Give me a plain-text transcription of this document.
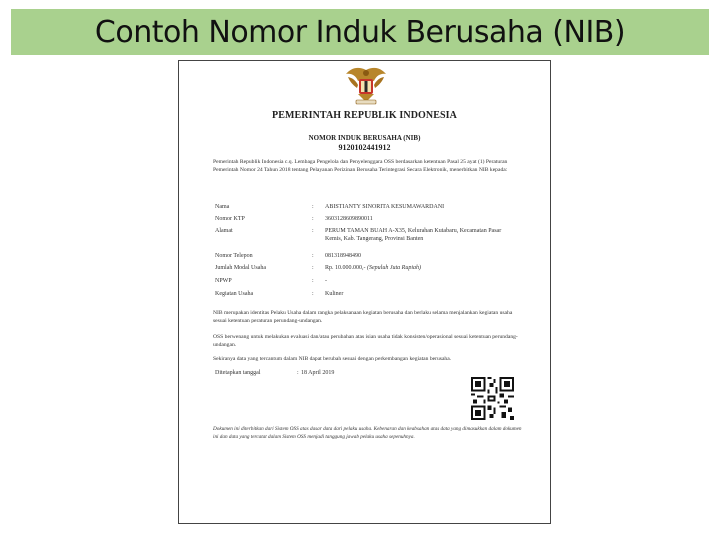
Contoh Nomor Induk Berusaha (NIB)
PEMERINTAH REPUBLIK INDONESIA
NOMOR INDUK BERUSAHA (NIB)
9120102441912
Pemerintah Republik Indonesia c.q. Lembaga Pengelola dan Penyelenggara OSS berdasarkan ketentuan Pasal 25 ayat (1) Peraturan Pemerintah Nomor 24 Tahun 2018 tentang Pelayanan Perizinan Berusaha Terintegrasi Secara Elektronik, menerbitkan NIB kepada:
Nama	: ABISTIANTY SINORITA KESUMAWARDANI
Nomor KTP	: 3603128609890011
Alamat	: PERUM TAMAN BUAH A-X35, Kelurahan Kutabaru, Kecamatan Pasar Kemis, Kab. Tangerang, Provinsi Banten
Nomor Telepon	: 081318948490
Jumlah Modal Usaha	: Rp. 10.000.000,- (Sepuluh Juta Rupiah)
NPWP	: -
Kegiatan Usaha	: Kuliner
NIB merupakan identitas Pelaku Usaha dalam rangka pelaksanaan kegiatan berusaha dan berlaku selama menjalankan kegiatan usaha sesuai ketentuan peraturan perundang-undangan.
OSS berwenang untuk melakukan evaluasi dan/atau perubahan atas isian usaha tidak konsisten/operasional sesuai ketentuan perundang-undangan.
Sekiranya data yang tercantum dalam NIB dapat berubah sesuai dengan perkembangan kegiatan berusaha.
Ditetapkan tanggal	: 18 April 2019
Dokumen ini diterbitkan dari Sistem OSS atas dasar data dari pelaku usaha. Kebenaran dan keabsahan atas data yang dimasukkan dalam dokumen ini dan data yang tercatat dalam Sistem OSS menjadi tanggung jawab pelaku usaha sepenuhnya.
